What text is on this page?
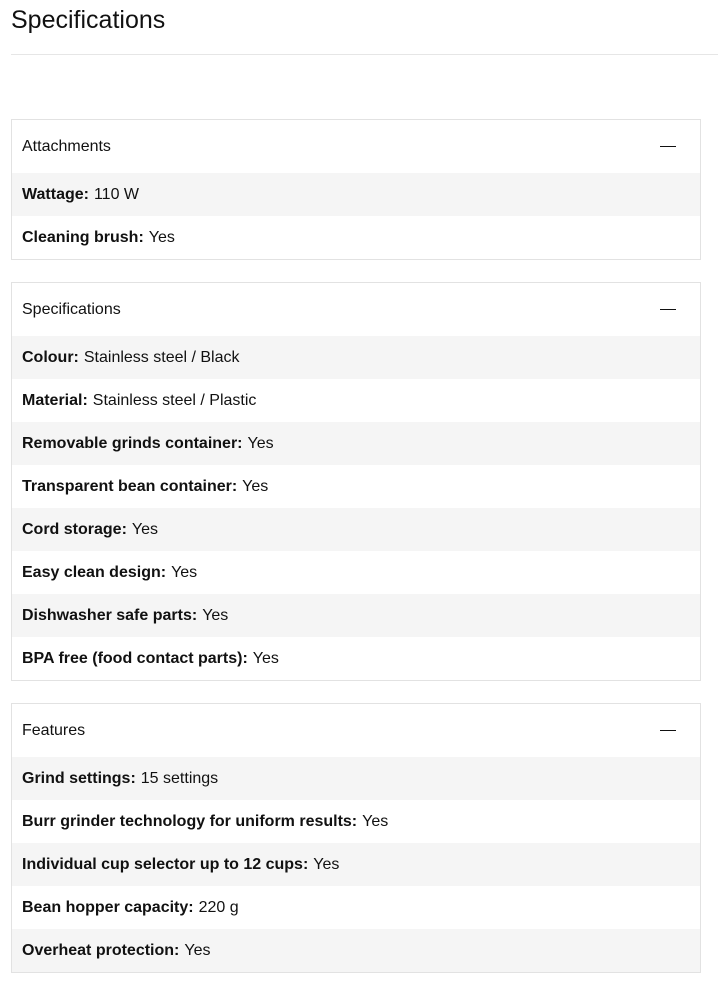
Specifications
Attachments
Wattage: 110 W
Cleaning brush: Yes
Specifications
Colour: Stainless steel / Black
Material: Stainless steel / Plastic
Removable grinds container: Yes
Transparent bean container: Yes
Cord storage: Yes
Easy clean design: Yes
Dishwasher safe parts: Yes
BPA free (food contact parts): Yes
Features
Grind settings: 15 settings
Burr grinder technology for uniform results: Yes
Individual cup selector up to 12 cups: Yes
Bean hopper capacity: 220 g
Overheat protection: Yes
